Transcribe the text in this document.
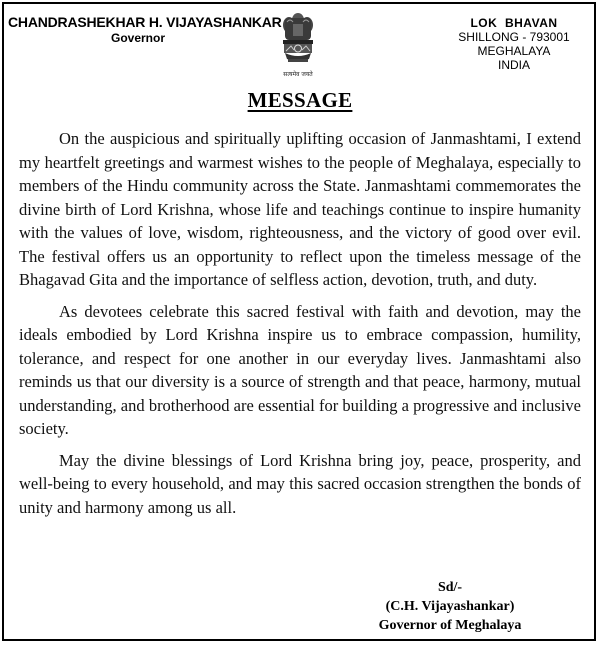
CHANDRASHEKHAR H. VIJAYASHANKAR
Governor
सत्यमेव जयते
LOK  BHAVAN
SHILLONG - 793001
MEGHALAYA
INDIA
MESSAGE

On the auspicious and spiritually uplifting occasion of Janmashtami, I extend my heartfelt greetings and warmest wishes to the people of Meghalaya, especially to members of the Hindu community across the State. Janmashtami commemorates the divine birth of Lord Krishna, whose life and teachings continue to inspire humanity with the values of love, wisdom, righteousness, and the victory of good over evil. The festival offers us an opportunity to reflect upon the timeless message of the Bhagavad Gita and the importance of selfless action, devotion, truth, and duty.

As devotees celebrate this sacred festival with faith and devotion, may the ideals embodied by Lord Krishna inspire us to embrace compassion, humility, tolerance, and respect for one another in our everyday lives. Janmashtami also reminds us that our diversity is a source of strength and that peace, harmony, mutual understanding, and brotherhood are essential for building a progressive and inclusive society.

May the divine blessings of Lord Krishna bring joy, peace, prosperity, and well-being to every household, and may this sacred occasion strengthen the bonds of unity and harmony among us all.

Sd/-
(C.H. Vijayashankar)
Governor of Meghalaya
